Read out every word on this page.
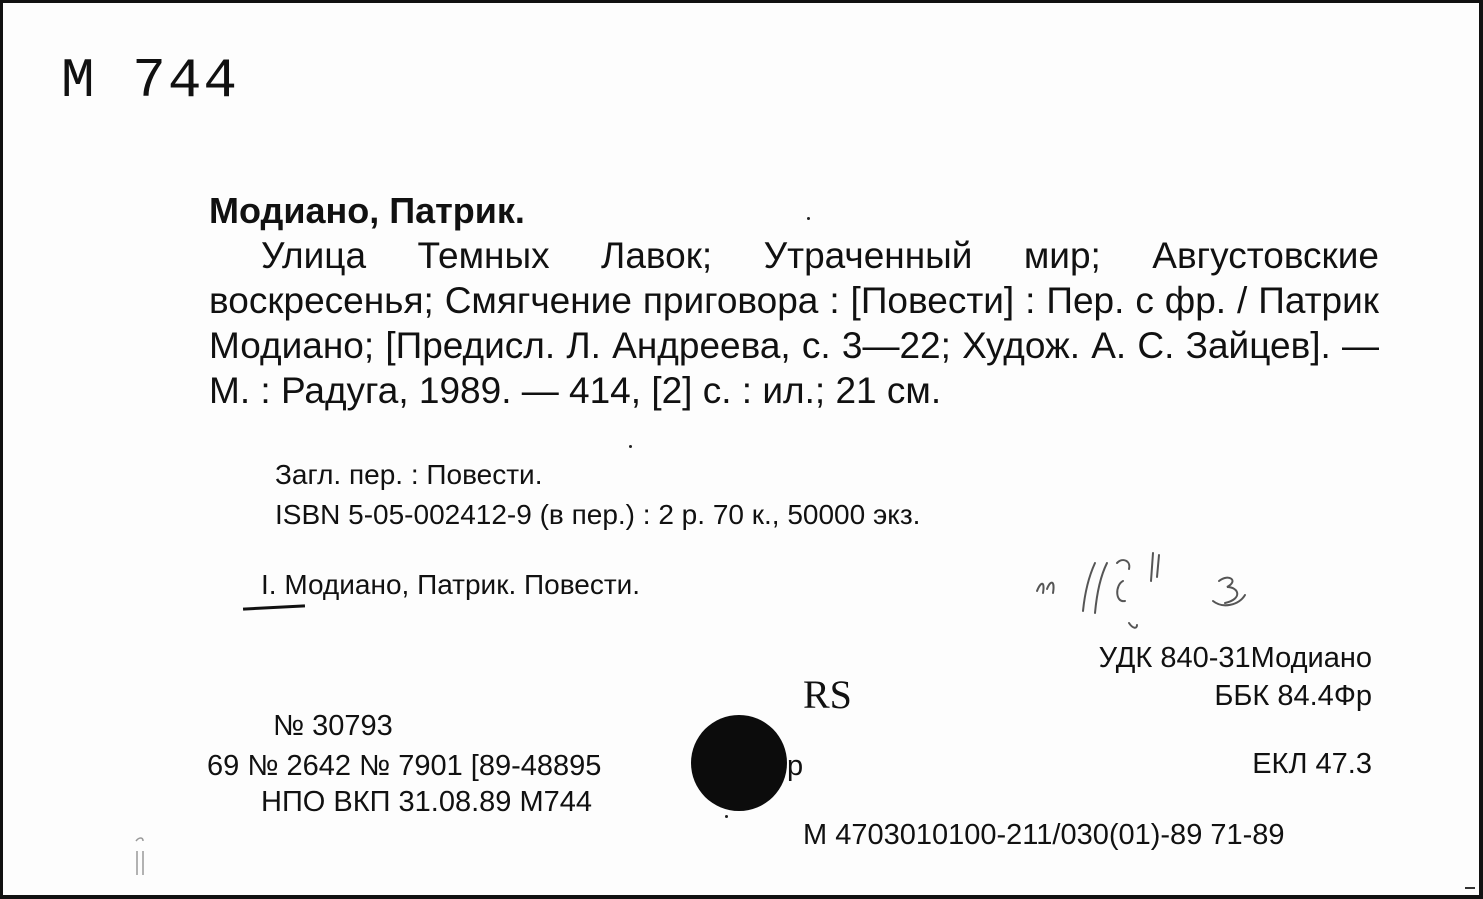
М 744
Модиано, Патрик.

Улица Темных Лавок; Утраченный мир; Августовские воскресенья; Смягчение приговора : [Повести] : Пер. с фр. / Патрик Модиано; [Предисл. Л. Андреева, с. 3—22; Худож. А. С. Зайцев]. — М. : Радуга, 1989. — 414, [2] с. : ил.; 21 см.

Загл. пер. : Повести.
ISBN 5-05-002412-9 (в пер.) : 2 р. 70 к., 50000 экз.
I. Модиано, Патрик. Повести.
УДК 840-31Модиано
ББК 84.4Фр
RS
№ 30793
69 № 2642 № 7901 [89-48895	р
НПО ВКП 31.08.89 М744
ЕКЛ 47.3
М 4703010100-211/030(01)-89 71-89
